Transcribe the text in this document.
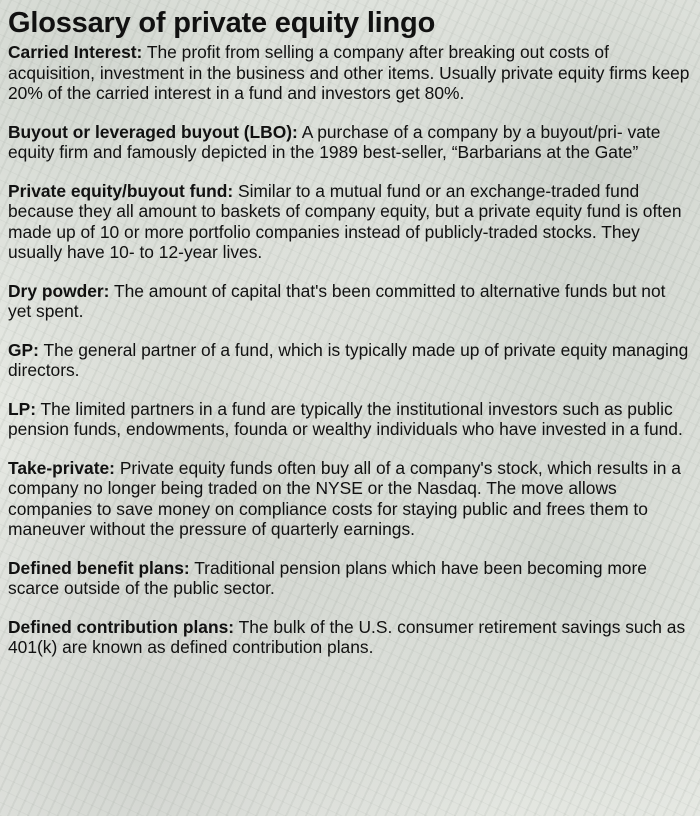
Glossary of private equity lingo

Carried Interest: The profit from selling a company after breaking out costs of acquisition, investment in the business and other items. Usually private equity firms keep 20% of the carried interest in a fund and investors get 80%.

Buyout or leveraged buyout (LBO): A purchase of a company by a buyout/pri- vate equity firm and famously depicted in the 1989 best-seller, “Barbarians at the Gate”

Private equity/buyout fund: Similar to a mutual fund or an exchange-traded fund because they all amount to baskets of company equity, but a private equity fund is often made up of 10 or more portfolio companies instead of publicly-traded stocks. They usually have 10- to 12-year lives.

Dry powder: The amount of capital that's been committed to alternative funds but not yet spent.

GP: The general partner of a fund, which is typically made up of private equity managing directors.

LP: The limited partners in a fund are typically the institutional investors such as public pension funds, endowments, founda or wealthy individuals who have invested in a fund.

Take-private: Private equity funds often buy all of a company's stock, which results in a company no longer being traded on the NYSE or the Nasdaq. The move allows companies to save money on compliance costs for staying public and frees them to maneuver without the pressure of quarterly earnings.

Defined benefit plans: Traditional pension plans which have been becoming more scarce outside of the public sector.

Defined contribution plans: The bulk of the U.S. consumer retirement savings such as 401(k) are known as defined contribution plans.
